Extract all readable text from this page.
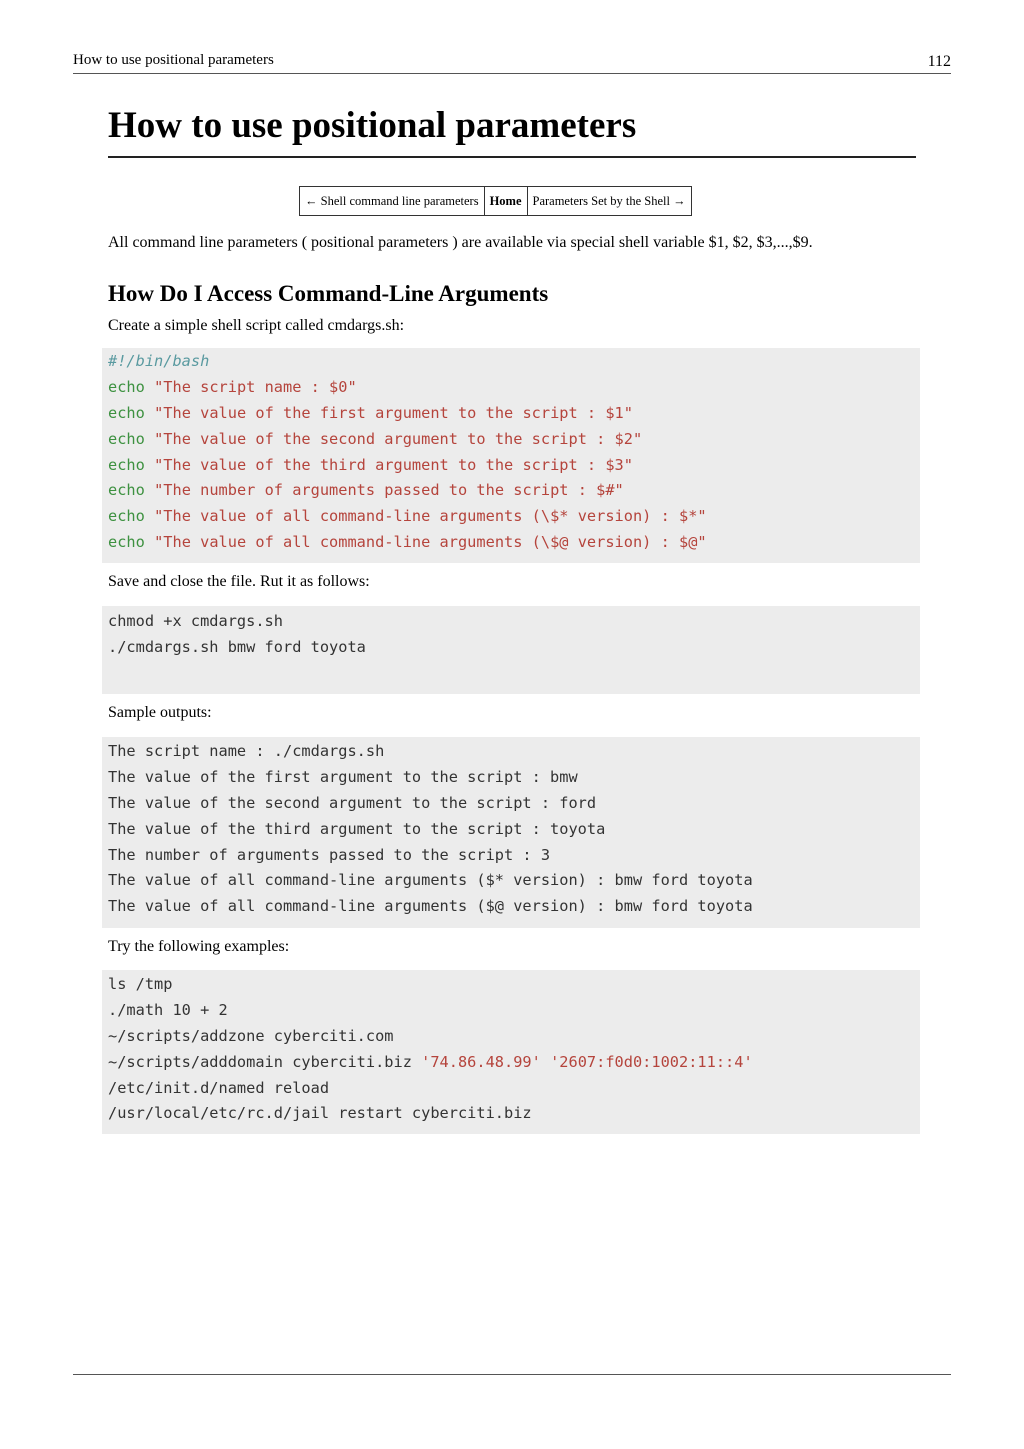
How to use positional parameters	112
How to use positional parameters
← Shell command line parameters	Home	Parameters Set by the Shell →

All command line parameters ( positional parameters ) are available via special shell variable $1, $2, $3,...,$9.

How Do I Access Command-Line Arguments

Create a simple shell script called cmdargs.sh:

#!/bin/bash
echo "The script name : $0"
echo "The value of the first argument to the script : $1"
echo "The value of the second argument to the script : $2"
echo "The value of the third argument to the script : $3"
echo "The number of arguments passed to the script : $#"
echo "The value of all command-line arguments (\$* version) : $*"
echo "The value of all command-line arguments (\$@ version) : $@"

Save and close the file. Rut it as follows:

chmod +x cmdargs.sh
./cmdargs.sh bmw ford toyota

Sample outputs:

The script name : ./cmdargs.sh
The value of the first argument to the script : bmw
The value of the second argument to the script : ford
The value of the third argument to the script : toyota
The number of arguments passed to the script : 3
The value of all command-line arguments ($* version) : bmw ford toyota
The value of all command-line arguments ($@ version) : bmw ford toyota

Try the following examples:

ls /tmp
./math 10 + 2
~/scripts/addzone cyberciti.com
~/scripts/adddomain cyberciti.biz '74.86.48.99' '2607:f0d0:1002:11::4'
/etc/init.d/named reload
/usr/local/etc/rc.d/jail restart cyberciti.biz
